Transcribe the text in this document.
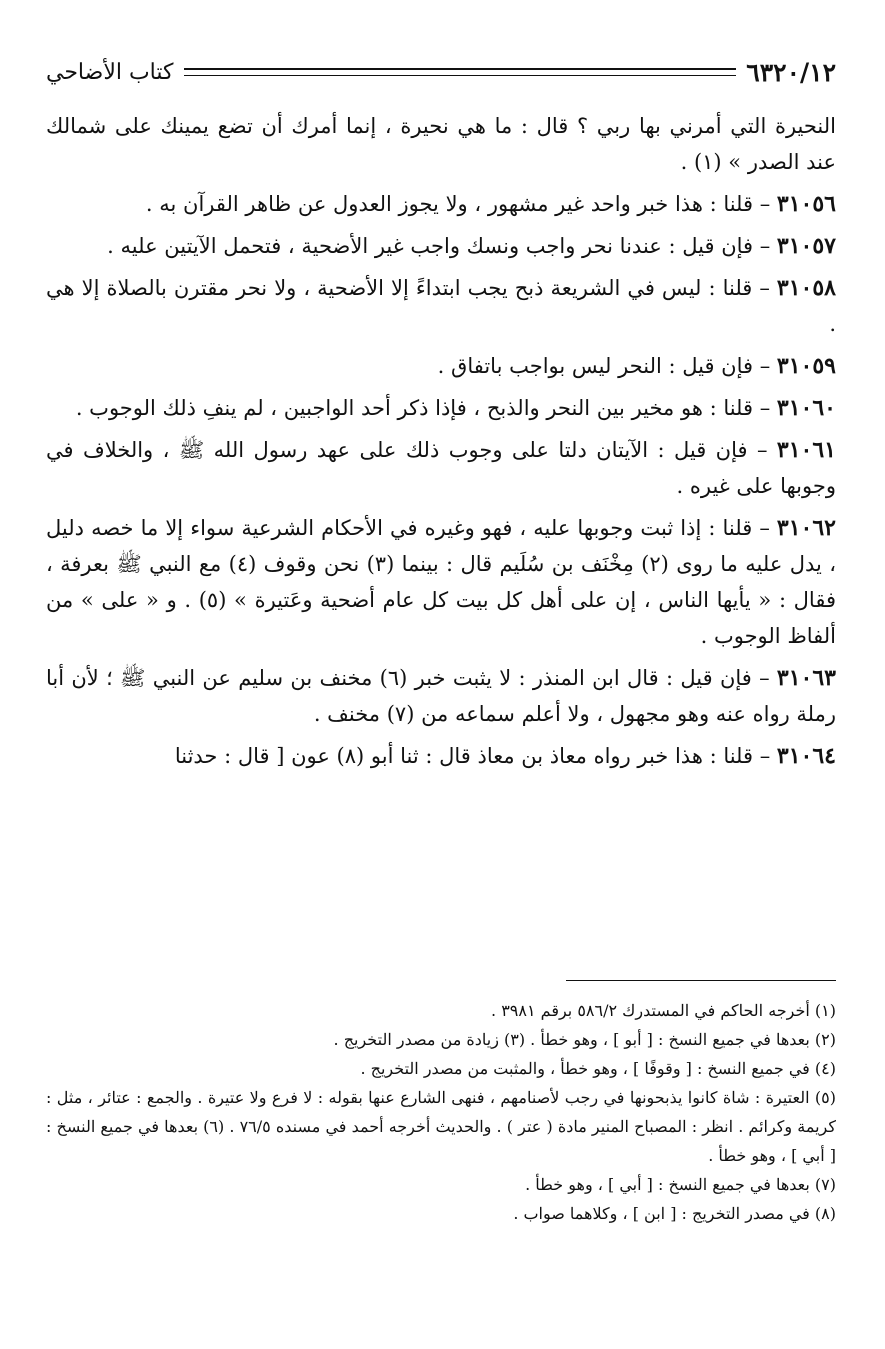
٦٣٢٠/١٢
كتاب الأضاحي

النحيرة التي أمرني بها ربي ؟ قال : ما هي نحيرة ، إنما أمرك أن تضع يمينك على شمالك عند الصدر » (١) .

٣١٠٥٦ – قلنا : هذا خبر واحد غير مشهور ، ولا يجوز العدول عن ظاهر القرآن به .

٣١٠٥٧ – فإن قيل : عندنا نحر واجب ونسك واجب غير الأضحية ، فتحمل الآيتين عليه .

٣١٠٥٨ – قلنا : ليس في الشريعة ذبح يجب ابتداءً إلا الأضحية ، ولا نحر مقترن بالصلاة إلا هي .

٣١٠٥٩ – فإن قيل : النحر ليس بواجب باتفاق .

٣١٠٦٠ – قلنا : هو مخير بين النحر والذبح ، فإذا ذكر أحد الواجبين ، لم ينفِ ذلك الوجوب .

٣١٠٦١ – فإن قيل : الآيتان دلتا على وجوب ذلك على عهد رسول الله ﷺ ، والخلاف في وجوبها على غيره .

٣١٠٦٢ – قلنا : إذا ثبت وجوبها عليه ، فهو وغيره في الأحكام الشرعية سواء إلا ما خصه دليل ، يدل عليه ما روى (٢) مِخْنَف بن سُلَيم قال : بينما (٣) نحن وقوف (٤) مع النبي ﷺ بعرفة ، فقال : « يأيها الناس ، إن على أهل كل بيت كل عام أضحية وعَتيرة » (٥) . و « على » من ألفاظ الوجوب .

٣١٠٦٣ – فإن قيل : قال ابن المنذر : لا يثبت خبر (٦) مخنف بن سليم عن النبي ﷺ ؛ لأن أبا رملة رواه عنه وهو مجهول ، ولا أعلم سماعه من (٧) مخنف .

٣١٠٦٤ – قلنا : هذا خبر رواه معاذ بن معاذ قال : ثنا أبو (٨) عون [ قال : حدثنا

(١) أخرجه الحاكم في المستدرك ٥٨٦/٢ برقم ٣٩٨١ .

(٢) بعدها في جميع النسخ : [ أبو ] ، وهو خطأ . (٣) زيادة من مصدر التخريج .

(٤) في جميع النسخ : [ وقوفًا ] ، وهو خطأ ، والمثبت من مصدر التخريج .

(٥) العتيرة : شاة كانوا يذبحونها في رجب لأصنامهم ، فنهى الشارع عنها بقوله : لا فرع ولا عتيرة . والجمع : عتائر ، مثل : كريمة وكرائم . انظر : المصباح المنير مادة ( عتر ) . والحديث أخرجه أحمد في مسنده ٧٦/٥ . (٦) بعدها في جميع النسخ : [ أبي ] ، وهو خطأ .

(٧) بعدها في جميع النسخ : [ أبي ] ، وهو خطأ .

(٨) في مصدر التخريج : [ ابن ] ، وكلاهما صواب .
